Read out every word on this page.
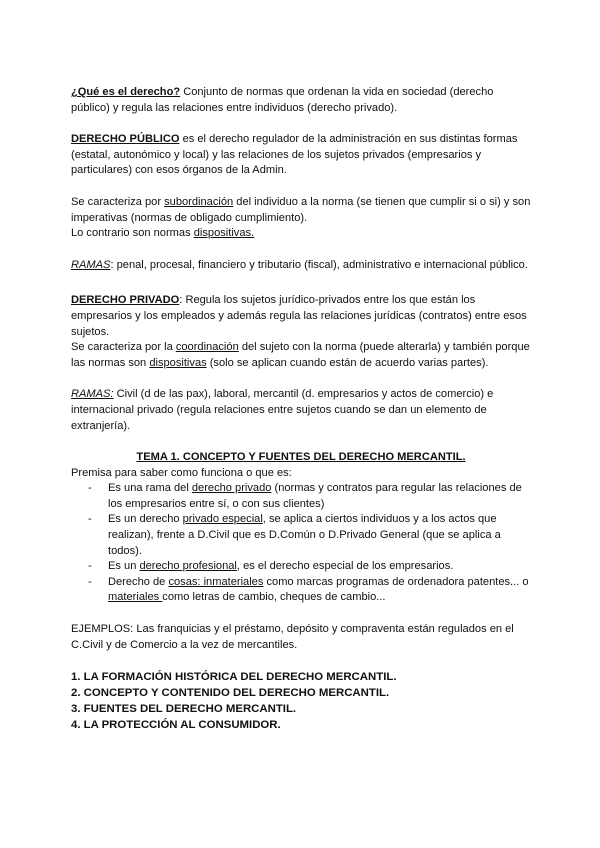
¿Qué es el derecho? Conjunto de normas que ordenan la vida en sociedad (derecho público) y regula las relaciones entre individuos (derecho privado).

DERECHO PÚBLICO es el derecho regulador de la administración en sus distintas formas (estatal, autonómico y local) y las relaciones de los sujetos privados (empresarios y particulares) con esos órganos de la Admin.

Se caracteriza por subordinación del individuo a la norma (se tienen que cumplir si o si) y son imperativas (normas de obligado cumplimiento).

Lo contrario son normas dispositivas.

RAMAS: penal, procesal, financiero y tributario (fiscal), administrativo e internacional público.

DERECHO PRIVADO: Regula los sujetos jurídico-privados entre los que están los empresarios y los empleados y además regula las relaciones jurídicas (contratos) entre esos sujetos.

Se caracteriza por la coordinación del sujeto con la norma (puede alterarla) y también porque las normas son dispositivas (solo se aplican cuando están de acuerdo varias partes).

RAMAS: Civil (d de las pax), laboral, mercantil (d. empresarios y actos de comercio) e internacional privado (regula relaciones entre sujetos cuando se dan un elemento de extranjería).

TEMA 1. CONCEPTO Y FUENTES DEL DERECHO MERCANTIL.

Premisa para saber como funciona o que es:

- Es una rama del derecho privado (normas y contratos para regular las relaciones de los empresarios entre sí, o con sus clientes)
- Es un derecho privado especial, se aplica a ciertos individuos y a los actos que realizan), frente a D.Civil que es D.Común o D.Privado General (que se aplica a todos).
- Es un derecho profesional, es el derecho especial de los empresarios.
- Derecho de cosas: inmateriales como marcas programas de ordenadora patentes... o materiales como letras de cambio, cheques de cambio...

EJEMPLOS: Las franquicias y el préstamo, depósito y compraventa están regulados en el C.Civil y de Comercio a la vez de mercantiles.

1. LA FORMACIÓN HISTÓRICA DEL DERECHO MERCANTIL.

2. CONCEPTO Y CONTENIDO DEL DERECHO MERCANTIL.

3. FUENTES DEL DERECHO MERCANTIL.

4. LA PROTECCIÓN AL CONSUMIDOR.
